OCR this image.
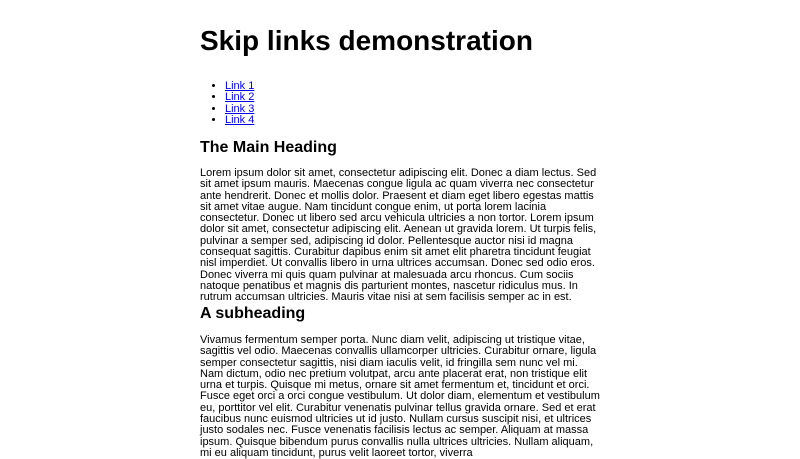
Skip links demonstration
• Link 1
• Link 2
• Link 3
• Link 4
The Main Heading

Lorem ipsum dolor sit amet, consectetur adipiscing elit. Donec a diam lectus. Sed sit amet ipsum mauris. Maecenas congue ligula ac quam viverra nec consectetur ante hendrerit. Donec et mollis dolor. Praesent et diam eget libero egestas mattis sit amet vitae augue. Nam tincidunt congue enim, ut porta lorem lacinia consectetur. Donec ut libero sed arcu vehicula ultricies a non tortor. Lorem ipsum dolor sit amet, consectetur adipiscing elit. Aenean ut gravida lorem. Ut turpis felis, pulvinar a semper sed, adipiscing id dolor. Pellentesque auctor nisi id magna consequat sagittis. Curabitur dapibus enim sit amet elit pharetra tincidunt feugiat nisl imperdiet. Ut convallis libero in urna ultrices accumsan. Donec sed odio eros. Donec viverra mi quis quam pulvinar at malesuada arcu rhoncus. Cum sociis natoque penatibus et magnis dis parturient montes, nascetur ridiculus mus. In rutrum accumsan ultricies. Mauris vitae nisi at sem facilisis semper ac in est.

A subheading

Vivamus fermentum semper porta. Nunc diam velit, adipiscing ut tristique vitae, sagittis vel odio. Maecenas convallis ullamcorper ultricies. Curabitur ornare, ligula semper consectetur sagittis, nisi diam iaculis velit, id fringilla sem nunc vel mi. Nam dictum, odio nec pretium volutpat, arcu ante placerat erat, non tristique elit urna et turpis. Quisque mi metus, ornare sit amet fermentum et, tincidunt et orci. Fusce eget orci a orci congue vestibulum. Ut dolor diam, elementum et vestibulum eu, porttitor vel elit. Curabitur venenatis pulvinar tellus gravida ornare. Sed et erat faucibus nunc euismod ultricies ut id justo. Nullam cursus suscipit nisi, et ultrices justo sodales nec. Fusce venenatis facilisis lectus ac semper. Aliquam at massa ipsum. Quisque bibendum purus convallis nulla ultrices ultricies. Nullam aliquam, mi eu aliquam tincidunt, purus velit laoreet tortor, viverra
